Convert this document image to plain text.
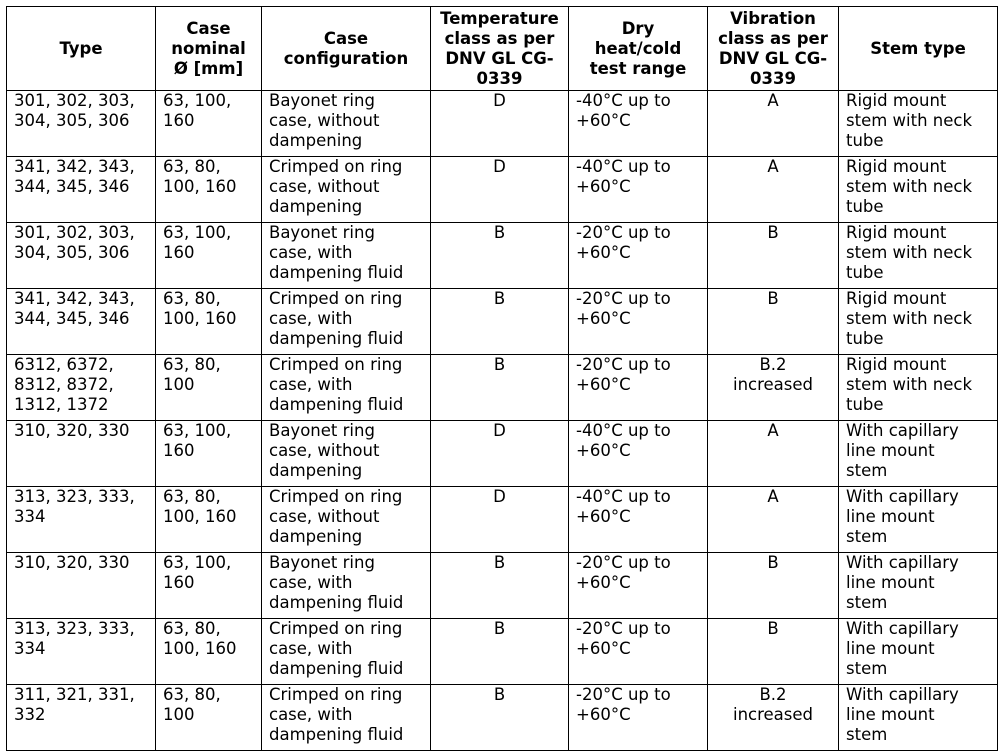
Type	Case
nominal
Ø [mm]	Case
configuration	Temperature
class as per
DNV GL CG-
0339	Dry
heat/cold
test range	Vibration
class as per
DNV GL CG-
0339	Stem type
301, 302, 303,
304, 305, 306	63, 100,
160	Bayonet ring
case, without
dampening	D	-40°C up to
+60°C	A	Rigid mount
stem with neck
tube
341, 342, 343,
344, 345, 346	63, 80,
100, 160	Crimped on ring
case, without
dampening	D	-40°C up to
+60°C	A	Rigid mount
stem with neck
tube
301, 302, 303,
304, 305, 306	63, 100,
160	Bayonet ring
case, with
dampening fluid	B	-20°C up to
+60°C	B	Rigid mount
stem with neck
tube
341, 342, 343,
344, 345, 346	63, 80,
100, 160	Crimped on ring
case, with
dampening fluid	B	-20°C up to
+60°C	B	Rigid mount
stem with neck
tube
6312, 6372,
8312, 8372,
1312, 1372	63, 80,
100	Crimped on ring
case, with
dampening fluid	B	-20°C up to
+60°C	B.2
increased	Rigid mount
stem with neck
tube
310, 320, 330	63, 100,
160	Bayonet ring
case, without
dampening	D	-40°C up to
+60°C	A	With capillary
line mount
stem
313, 323, 333,
334	63, 80,
100, 160	Crimped on ring
case, without
dampening	D	-40°C up to
+60°C	A	With capillary
line mount
stem
310, 320, 330	63, 100,
160	Bayonet ring
case, with
dampening fluid	B	-20°C up to
+60°C	B	With capillary
line mount
stem
313, 323, 333,
334	63, 80,
100, 160	Crimped on ring
case, with
dampening fluid	B	-20°C up to
+60°C	B	With capillary
line mount
stem
311, 321, 331,
332	63, 80,
100	Crimped on ring
case, with
dampening fluid	B	-20°C up to
+60°C	B.2
increased	With capillary
line mount
stem
